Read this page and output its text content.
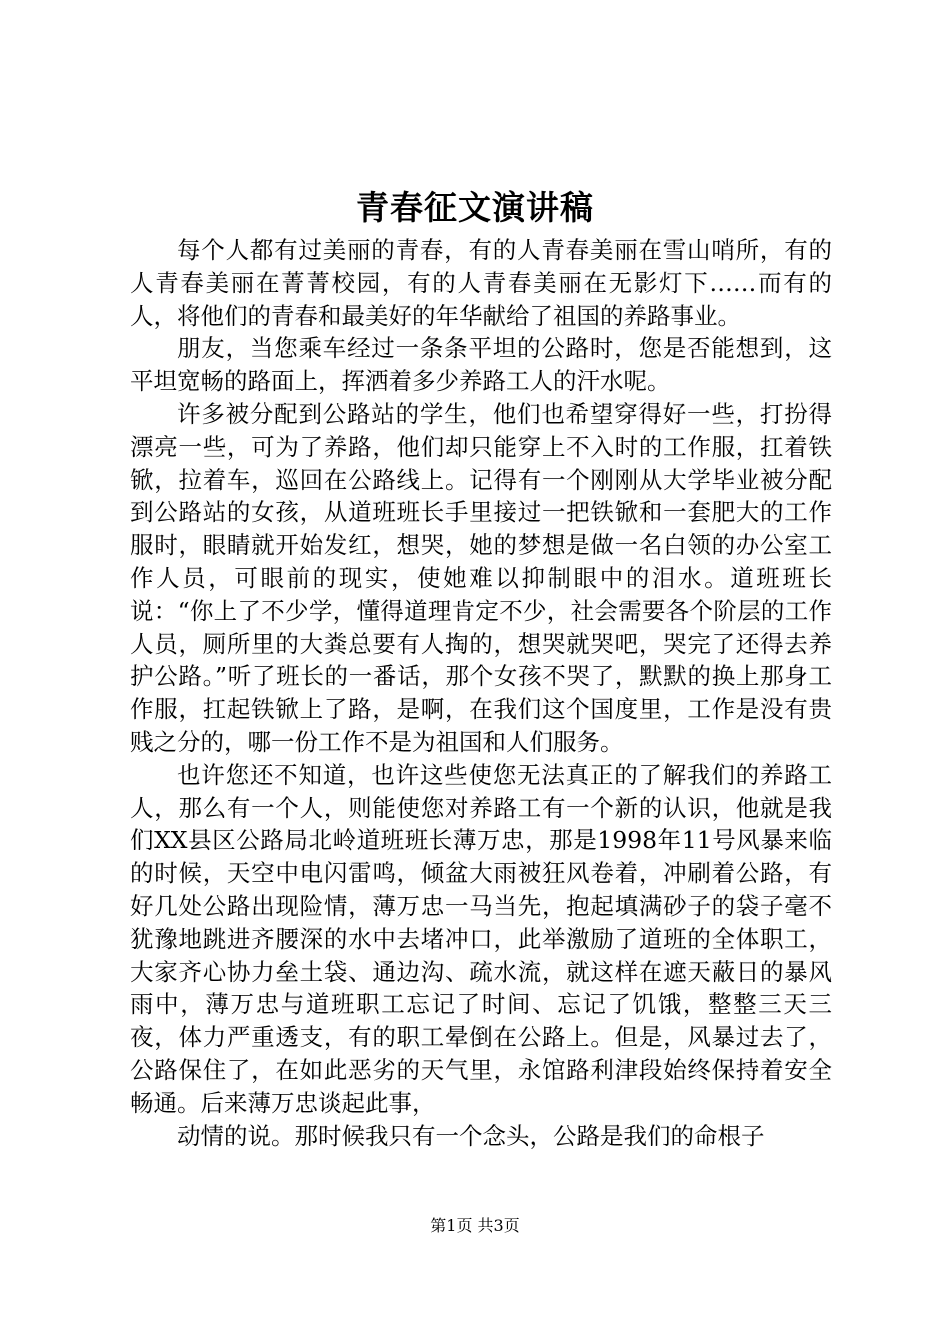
青春征文演讲稿

每个人都有过美丽的青春，有的人青春美丽在雪山哨所，有的人青春美丽在菁菁校园，有的人青春美丽在无影灯下……而有的人，将他们的青春和最美好的年华献给了祖国的养路事业。

朋友，当您乘车经过一条条平坦的公路时，您是否能想到，这平坦宽畅的路面上，挥洒着多少养路工人的汗水呢。

许多被分配到公路站的学生，他们也希望穿得好一些，打扮得漂亮一些，可为了养路，他们却只能穿上不入时的工作服，扛着铁锨，拉着车，巡回在公路线上。记得有一个刚刚从大学毕业被分配到公路站的女孩，从道班班长手里接过一把铁锨和一套肥大的工作服时，眼睛就开始发红，想哭，她的梦想是做一名白领的办公室工作人员，可眼前的现实，使她难以抑制眼中的泪水。道班班长说：“你上了不少学，懂得道理肯定不少，社会需要各个阶层的工作人员，厕所里的大粪总要有人掏的，想哭就哭吧，哭完了还得去养护公路。”听了班长的一番话，那个女孩不哭了，默默的换上那身工作服，扛起铁锨上了路，是啊，在我们这个国度里，工作是没有贵贱之分的，哪一份工作不是为祖国和人们服务。

也许您还不知道，也许这些使您无法真正的了解我们的养路工人，那么有一个人，则能使您对养路工有一个新的认识，他就是我们XX县区公路局北岭道班班长薄万忠，那是1998年11号风暴来临的时候，天空中电闪雷鸣，倾盆大雨被狂风卷着，冲刷着公路，有好几处公路出现险情，薄万忠一马当先，抱起填满砂子的袋子毫不犹豫地跳进齐腰深的水中去堵冲口，此举激励了道班的全体职工，大家齐心协力垒土袋、通边沟、疏水流，就这样在遮天蔽日的暴风雨中，薄万忠与道班职工忘记了时间、忘记了饥饿，整整三天三夜，体力严重透支，有的职工晕倒在公路上。但是，风暴过去了，公路保住了，在如此恶劣的天气里，永馆路利津段始终保持着安全畅通。后来薄万忠谈起此事，

动情的说。那时候我只有一个念头，公路是我们的命根子

第1页 共3页
